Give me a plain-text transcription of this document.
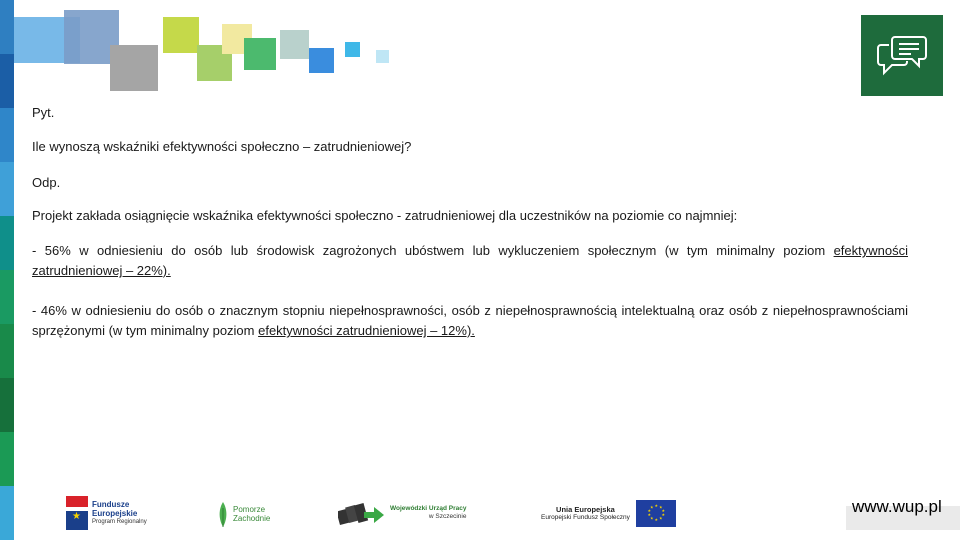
Pyt.

Ile wynoszą wskaźniki efektywności społeczno – zatrudnieniowej?

Odp.

Projekt zakłada osiągnięcie wskaźnika efektywności społeczno - zatrudnieniowej dla uczestników na poziomie co najmniej:

- 56% w odniesieniu do osób lub środowisk zagrożonych ubóstwem lub wykluczeniem społecznym (w tym minimalny poziom efektywności zatrudnieniowej – 22%).

- 46% w odniesieniu do osób o znacznym stopniu niepełnosprawności, osób z niepełnosprawnością intelektualną oraz osób z niepełnosprawnościami sprzężonymi (w tym minimalny poziom efektywności zatrudnieniowej – 12%).

★
Fundusze Europejskie
Program Regionalny
Pomorze
Zachodnie
Wojewódzki Urząd Pracy
w Szczecinie
Unia Europejska
Europejski Fundusz Społeczny
★ ★
★
★
★
★
★
★
★
★	www.wup.pl
